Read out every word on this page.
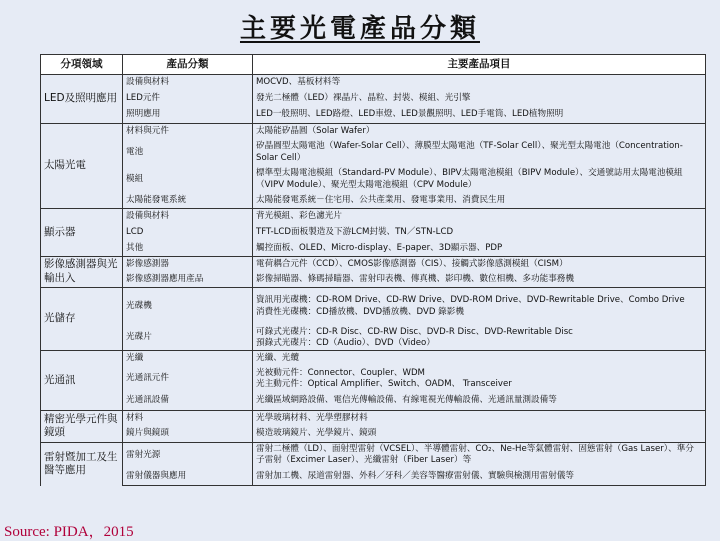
主要光電產品分類
分項領域	產品分類	主要產品項目
LED及照明應用	設備與材料	MOCVD、基板材料等
	LED元件	發光二極體（LED）裸晶片、晶粒、封裝、模組、光引擎
	照明應用	LED一般照明、LED路燈、LED車燈、LED景觀照明、LED手電筒、LED植物照明
太陽光電	材料與元件	太陽能矽晶圓（Solar Wafer）
	電池	矽晶圓型太陽電池（Wafer-Solar Cell）、薄膜型太陽電池（TF-Solar Cell）、聚光型太陽電池（Concentration-Solar Cell）
	模組	標準型太陽電池模組（Standard-PV Module）、BIPV太陽電池模組（BIPV Module）、交通號誌用太陽電池模組（VIPV Module）、聚光型太陽電池模組（CPV Module）
	太陽能發電系統	太陽能發電系統－住宅用、公共產業用、發電事業用、消費民生用
顯示器	設備與材料	背光模組、彩色濾光片
	LCD	TFT-LCD面板製造及下游LCM封裝、TN／STN-LCD
	其他	觸控面板、OLED、Micro-display、E-paper、3D顯示器、PDP
影像感測器與光輸出入	影像感測器	電荷耦合元件（CCD）、CMOS影像感測器（CIS）、接觸式影像感測模組（CISM）
	影像感測器應用產品	影像掃瞄器、條碼掃瞄器、雷射印表機、傳真機、影印機、數位相機、多功能事務機
光儲存	光碟機	資訊用光碟機：CD-ROM Drive、CD-RW Drive、DVD-ROM Drive、DVD-Rewritable Drive、Combo Drive
消費性光碟機：CD播放機、DVD播放機、DVD 錄影機
	光碟片	可錄式光碟片：CD-R Disc、CD-RW Disc、DVD-R Disc、DVD-Rewritable Disc
預錄式光碟片：CD（Audio）、DVD（Video）
光通訊	光纖	光纖、光纜
	光通訊元件	光被動元件：Connector、Coupler、WDM
光主動元件：Optical Amplifier、Switch、OADM、 Transceiver
	光通訊設備	光纖區域網路設備、電信光傳輸設備、有線電視光傳輸設備、光通訊量測設備等
精密光學元件與鏡頭	材料	光學玻璃材料、光學塑膠材料
	鏡片與鏡頭	模造玻璃鏡片、光學鏡片、鏡頭
雷射暨加工及生醫等應用	雷射光源	雷射二極體（LD）、面射型雷射（VCSEL）、半導體雷射、CO₂、Ne-He等氣體雷射、固態雷射（Gas Laser）、準分子雷射（Excimer Laser）、光纖雷射（Fiber Laser）等
	雷射儀器與應用	雷射加工機、尿道雷射器、外科／牙科／美容等醫療雷射儀、實驗與檢測用雷射儀等
Source: PIDA，2015
